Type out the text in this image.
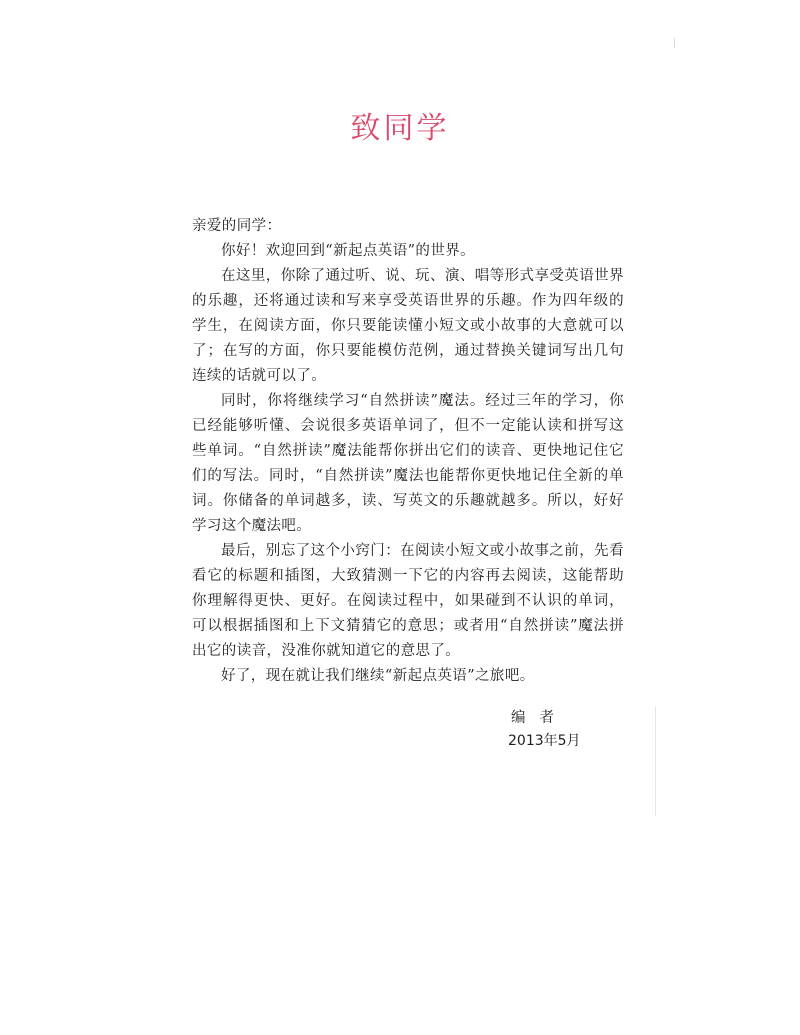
致同学

亲爱的同学：

你好！欢迎回到“新起点英语”的世界。

在这里，你除了通过听、说、玩、演、唱等形式享受英语世界的乐趣，还将通过读和写来享受英语世界的乐趣。作为四年级的学生，在阅读方面，你只要能读懂小短文或小故事的大意就可以了；在写的方面，你只要能模仿范例，通过替换关键词写出几句连续的话就可以了。

同时，你将继续学习“自然拼读”魔法。经过三年的学习，你已经能够听懂、会说很多英语单词了，但不一定能认读和拼写这些单词。“自然拼读”魔法能帮你拼出它们的读音、更快地记住它们的写法。同时，“自然拼读”魔法也能帮你更快地记住全新的单词。你储备的单词越多，读、写英文的乐趣就越多。所以，好好学习这个魔法吧。

最后，别忘了这个小窍门：在阅读小短文或小故事之前，先看看它的标题和插图，大致猜测一下它的内容再去阅读，这能帮助你理解得更快、更好。在阅读过程中，如果碰到不认识的单词，可以根据插图和上下文猜猜它的意思；或者用“自然拼读”魔法拼出它的读音，没准你就知道它的意思了。

好了，现在就让我们继续“新起点英语”之旅吧。

编者
2013年5月
